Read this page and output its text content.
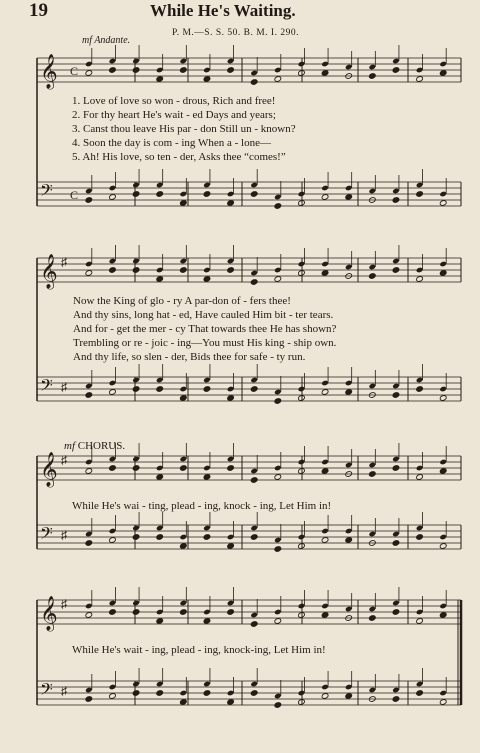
19	While He's Waiting.
P. M.—S. S. 50. B. M. I. 290.
mf Andante.
𝄞
𝄢
𝄞
𝄢
♯
♯
𝄞
𝄢
♯
♯
𝄞
𝄢
♯
♯
C
C
1. Love of love so won - drous, Rich and free!
2. For thy heart He's wait - ed Days and years;
3. Canst thou leave His par - don Still un - known?
4. Soon the day is com - ing When a - lone—
5. Ah! His love, so ten - der, Asks thee “comes!”
Now the King of glo - ry A par-don of - fers thee!
And thy sins, long hat - ed, Have cauled Him bit - ter tears.
And for - get the mer - cy That towards thee He has shown?
Trembling or re - joic - ing—You must His king - ship own.
And thy life, so slen - der, Bids thee for safe - ty run.
mf CHORUS.
While He's wai - ting, plead - ing, knock - ing, Let Him in!
While He's wait - ing, plead - ing, knock-ing, Let Him in!
